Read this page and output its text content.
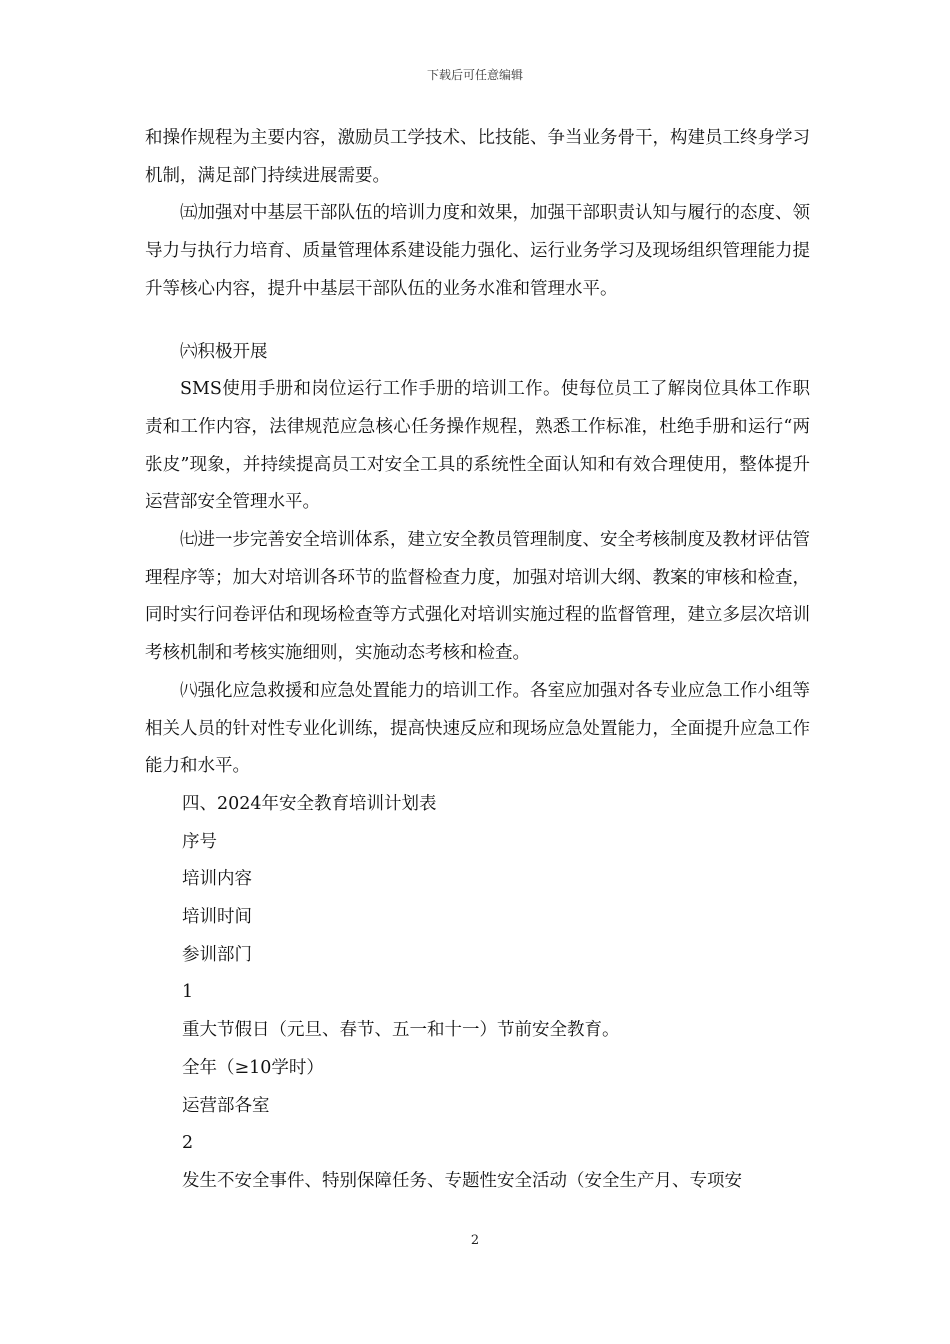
下载后可任意编辑

和操作规程为主要内容，激励员工学技术、比技能、争当业务骨干，构建员工终身学习机制，满足部门持续进展需要。

㈤加强对中基层干部队伍的培训力度和效果，加强干部职责认知与履行的态度、领导力与执行力培育、质量管理体系建设能力强化、运行业务学习及现场组织管理能力提升等核心内容，提升中基层干部队伍的业务水准和管理水平。

㈥积极开展

SMS使用手册和岗位运行工作手册的培训工作。使每位员工了解岗位具体工作职责和工作内容，法律规范应急核心任务操作规程，熟悉工作标准，杜绝手册和运行“两张皮”现象，并持续提高员工对安全工具的系统性全面认知和有效合理使用，整体提升运营部安全管理水平。

㈦进一步完善安全培训体系，建立安全教员管理制度、安全考核制度及教材评估管理程序等；加大对培训各环节的监督检查力度，加强对培训大纲、教案的审核和检查，同时实行问卷评估和现场检查等方式强化对培训实施过程的监督管理，建立多层次培训考核机制和考核实施细则，实施动态考核和检查。

㈧强化应急救援和应急处置能力的培训工作。各室应加强对各专业应急工作小组等相关人员的针对性专业化训练，提高快速反应和现场应急处置能力，全面提升应急工作能力和水平。

四、2024年安全教育培训计划表

序号

培训内容

培训时间

参训部门

1

重大节假日（元旦、春节、五一和十一）节前安全教育。

全年（≥10学时）

运营部各室

2

发生不安全事件、特别保障任务、专题性安全活动（安全生产月、专项安

2
